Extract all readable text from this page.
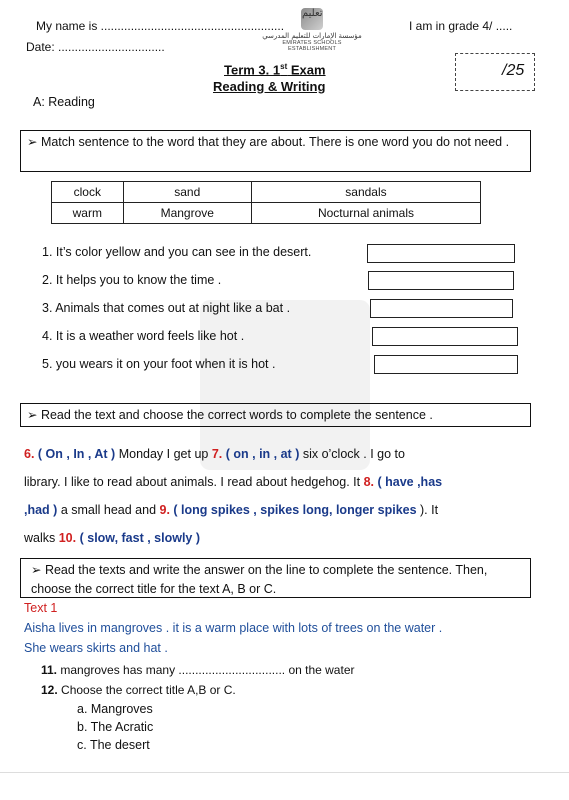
My name is .......................................................
Date: ................................
I am in grade 4/ .....
تعليم
مؤسسة الإمارات للتعليم المدرسي
EMIRATES SCHOOLS ESTABLISHMENT
/25
Term 3. 1st Exam
Reading & Writing
A: Reading
➢ Match sentence to the word that they are about. There is one word you do not need .
clock	sand	sandals
warm	Mangrove	Nocturnal animals
1. It’s color yellow and you can see in the desert.
2. It helps you to know the time .
3. Animals that comes out at night like a bat .
4. It is a weather word feels like hot .
5. you wears it on your foot when it is hot .
➢ Read the text and choose the correct words to complete the sentence .
6. ( On , In , At ) Monday I get up 7. ( on , in , at ) six o’clock . I go to
library. I like to read about animals. I read about hedgehog. It 8. ( have ,has
,had ) a small head and 9. ( long spikes , spikes long, longer spikes ). It
walks 10. ( slow, fast , slowly )
➢ Read the texts and write the answer on the line to complete the sentence. Then, choose the correct title for the text A, B or C.
Text 1
Aisha lives in mangroves . it is a warm place with lots of trees on the water .
She wears skirts and hat .
11. mangroves has many ................................ on the water
12. Choose the correct title A,B or C.
a. Mangroves
b. The Acratic
c. The desert
